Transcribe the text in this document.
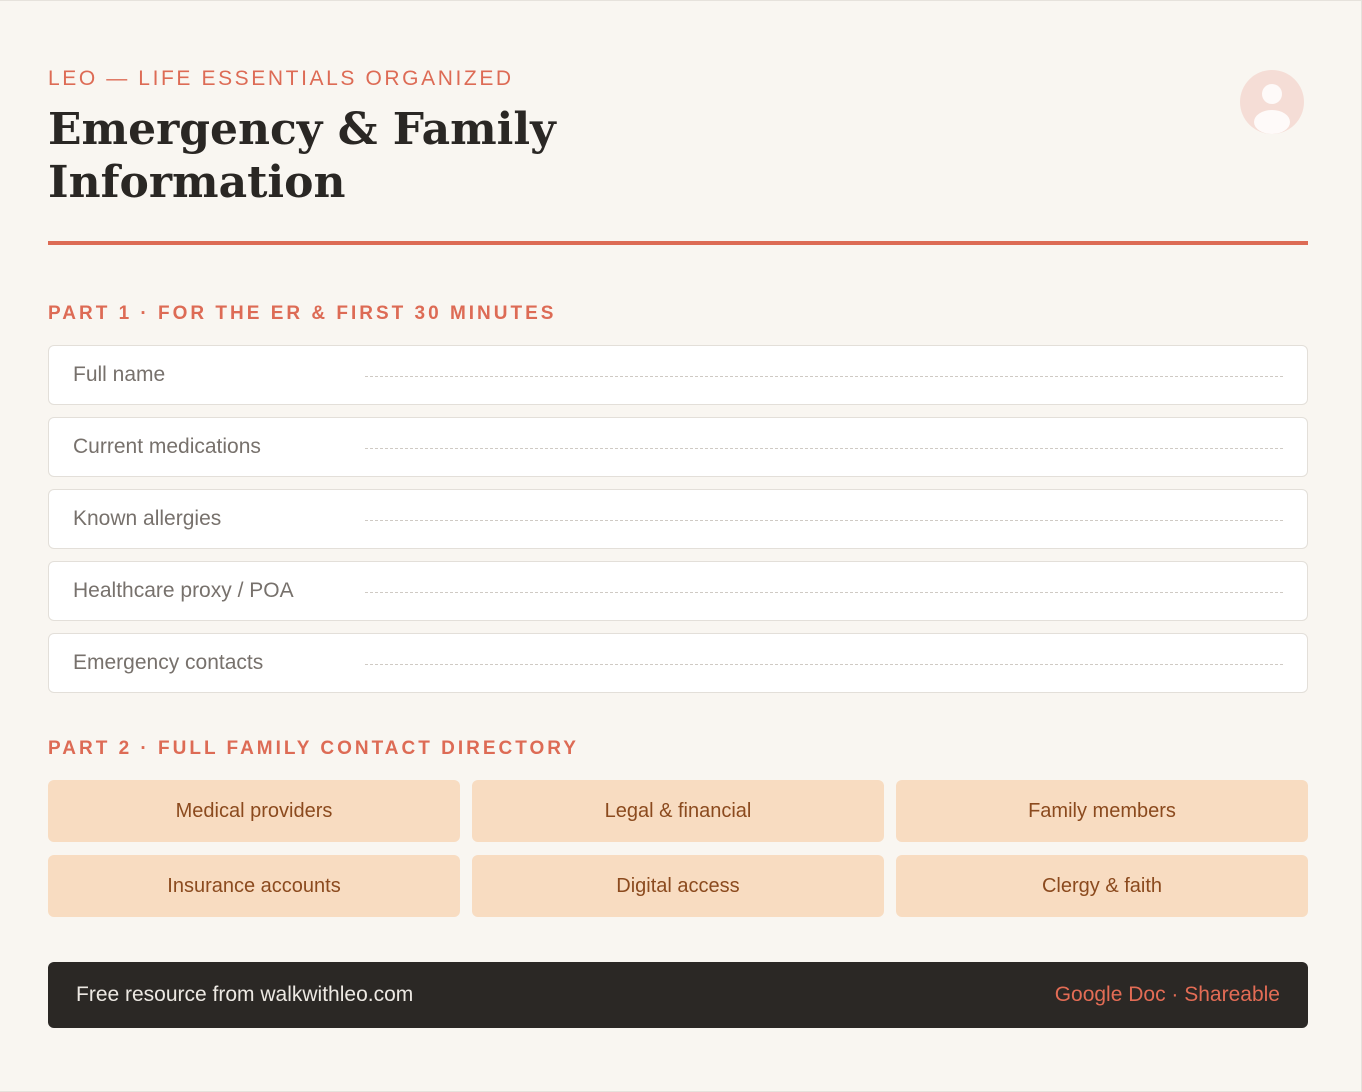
LEO — LIFE ESSENTIALS ORGANIZED
Emergency & Family Information
PART 1 · FOR THE ER & FIRST 30 MINUTES
Full name
Current medications
Known allergies
Healthcare proxy / POA
Emergency contacts
PART 2 · FULL FAMILY CONTACT DIRECTORY
Medical providers	Legal & financial	Family members
Insurance accounts	Digital access	Clergy & faith
Free resource from walkwithleo.com	Google Doc · Shareable
